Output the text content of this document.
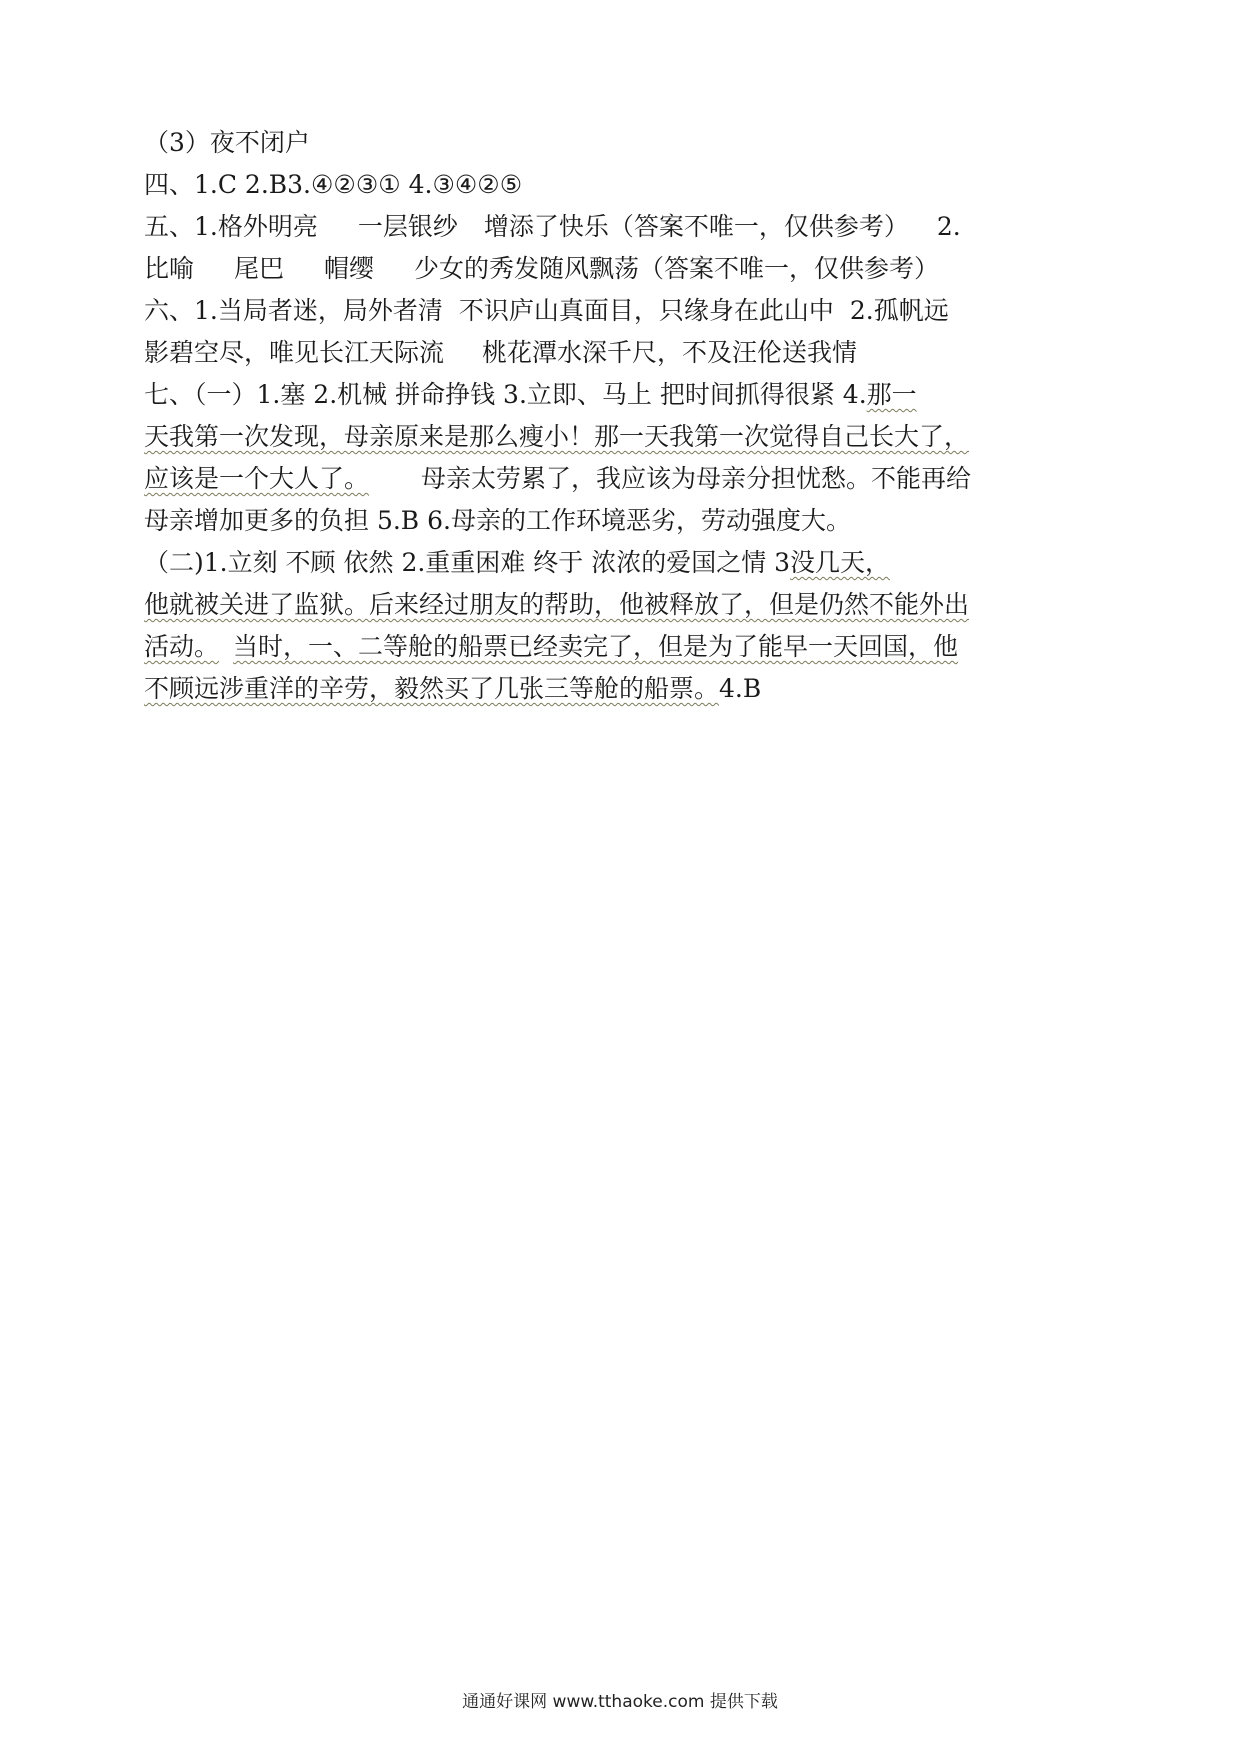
（3）夜不闭户
四、1.C 2.B3.④②③① 4.③④②⑤
五、1.格外明亮 一层银纱 增添了快乐（答案不唯一，仅供参考） 2.
比喻 尾巴 帽缨 少女的秀发随风飘荡（答案不唯一，仅供参考）
六、1.当局者迷，局外者清 不识庐山真面目，只缘身在此山中 2.孤帆远
影碧空尽，唯见长江天际流 桃花潭水深千尺，不及汪伦送我情
七、（一）1.塞 2.机械 拼命挣钱 3.立即、马上 把时间抓得很紧 4.那一
天我第一次发现，母亲原来是那么瘦小！那一天我第一次觉得自己长大了，
应该是一个大人了。 母亲太劳累了，我应该为母亲分担忧愁。不能再给
母亲增加更多的负担 5.B 6.母亲的工作环境恶劣，劳动强度大。
（二)1.立刻 不顾 依然 2.重重困难 终于 浓浓的爱国之情 3没几天，
他就被关进了监狱。后来经过朋友的帮助，他被释放了，但是仍然不能外出
活动。 当时，一、二等舱的船票已经卖完了，但是为了能早一天回国，他
不顾远涉重洋的辛劳，毅然买了几张三等舱的船票。4.B
通通好课网 www.tthaoke.com 提供下载
